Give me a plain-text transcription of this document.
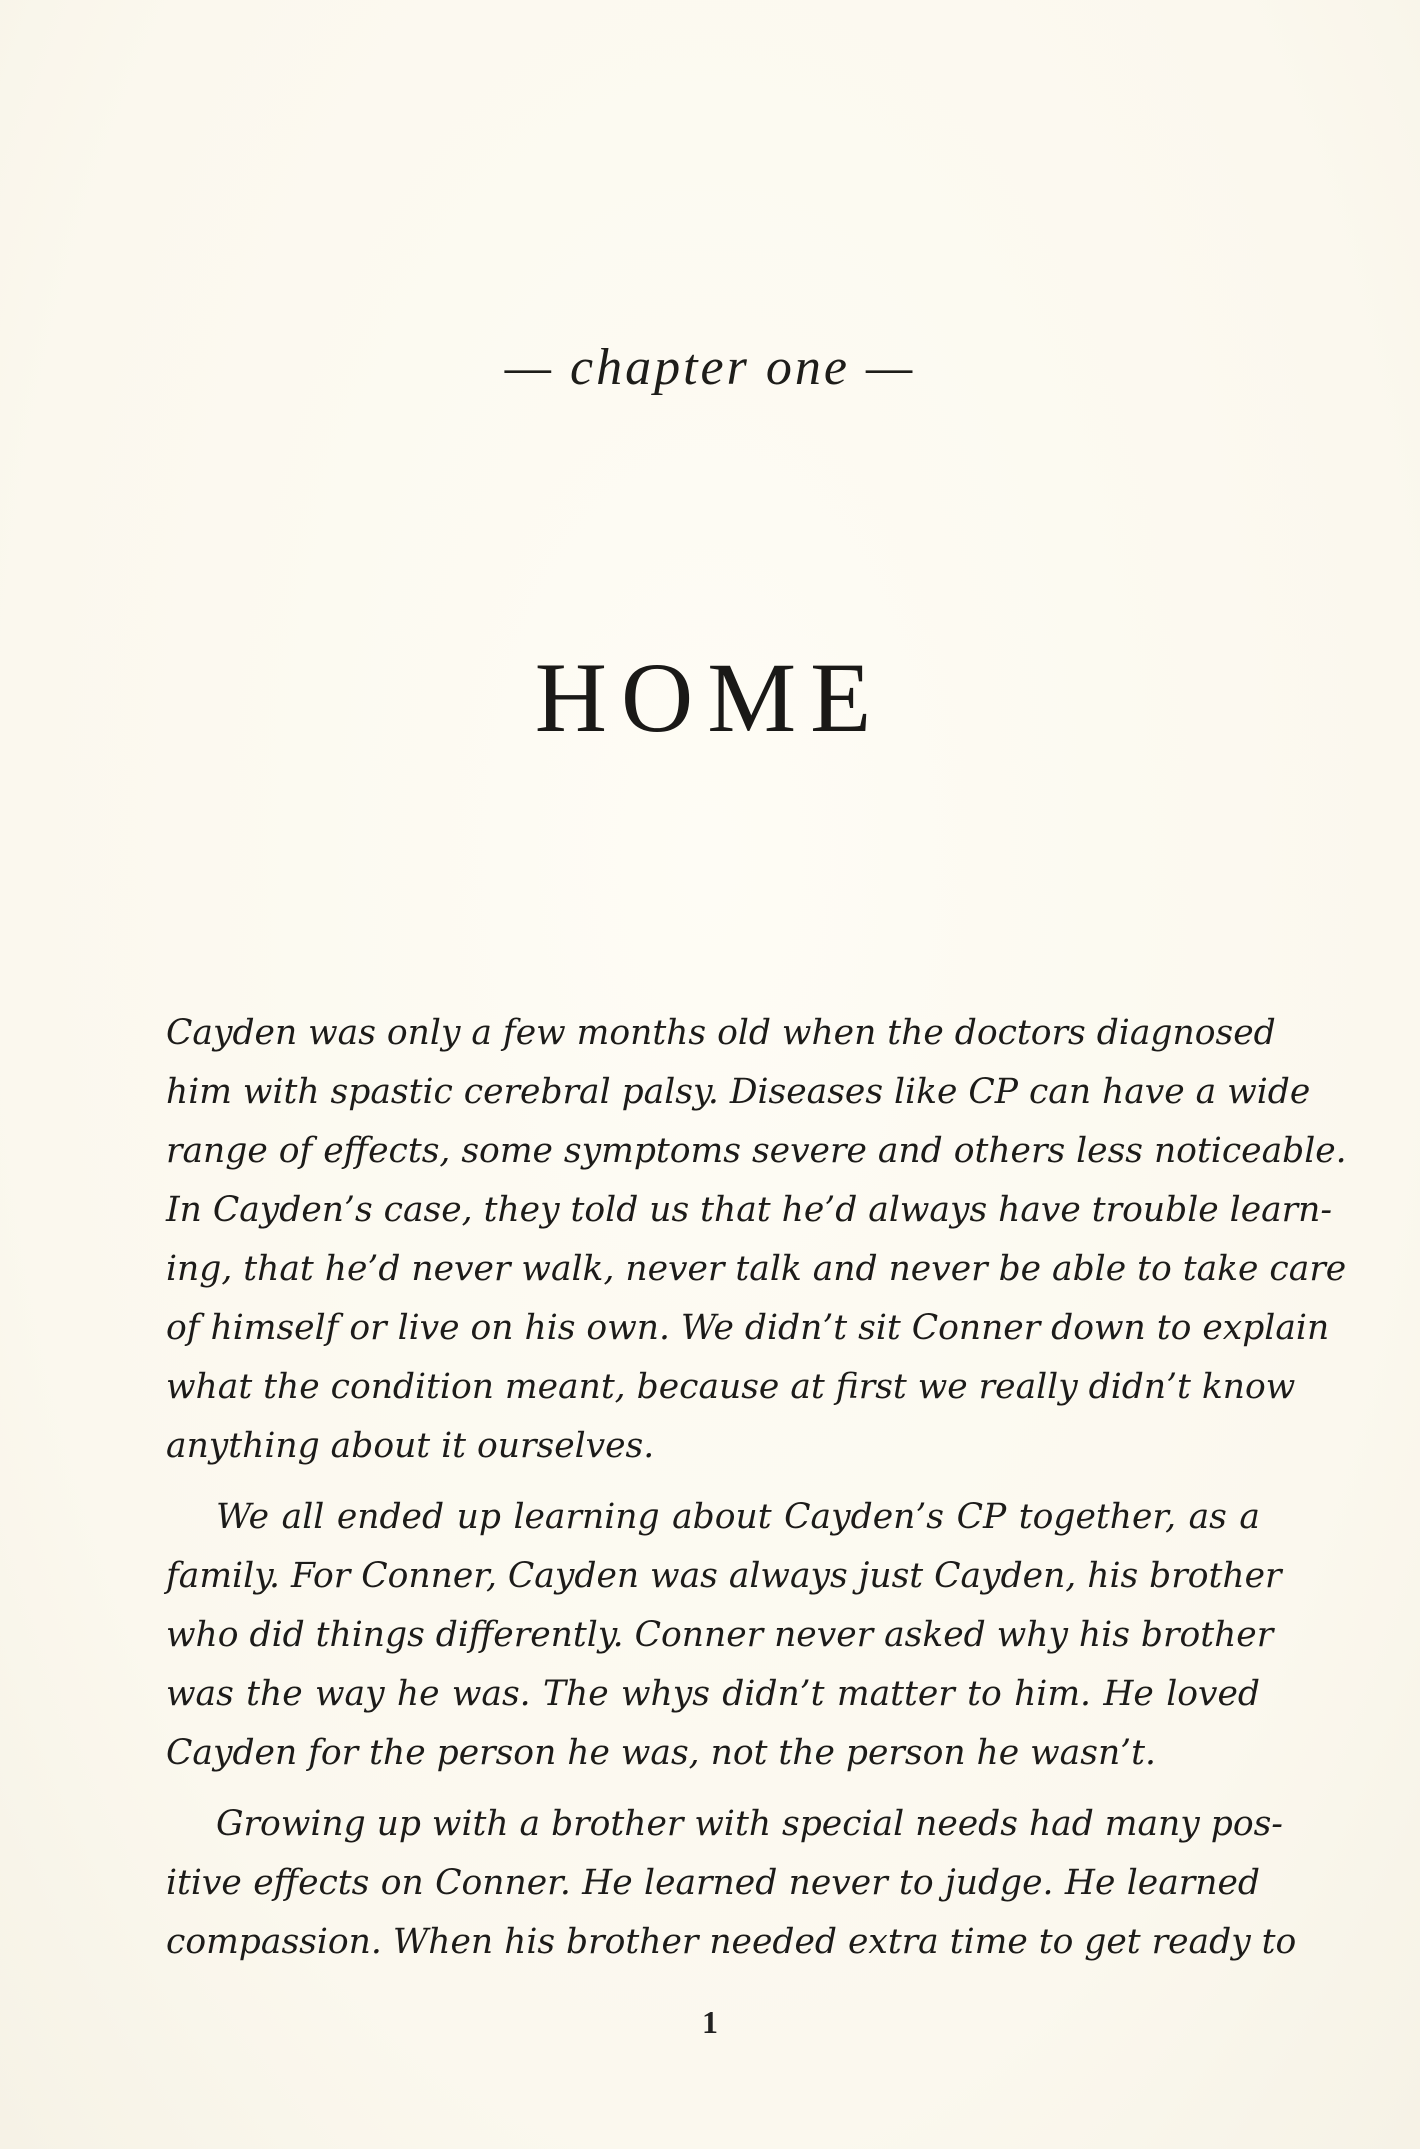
— chapter one —
HOME
Cayden was only a few months old when the doctors diagnosed
him with spastic cerebral palsy. Diseases like CP can have a wide
range of effects, some symptoms severe and others less noticeable.
In Cayden’s case, they told us that he’d always have trouble learn-
ing, that he’d never walk, never talk and never be able to take care
of himself or live on his own. We didn’t sit Conner down to explain
what the condition meant, because at first we really didn’t know
anything about it ourselves.
We all ended up learning about Cayden’s CP together, as a
family. For Conner, Cayden was always just Cayden, his brother
who did things differently. Conner never asked why his brother
was the way he was. The whys didn’t matter to him. He loved
Cayden for the person he was, not the person he wasn’t.
Growing up with a brother with special needs had many pos-
itive effects on Conner. He learned never to judge. He learned
compassion. When his brother needed extra time to get ready to
1
